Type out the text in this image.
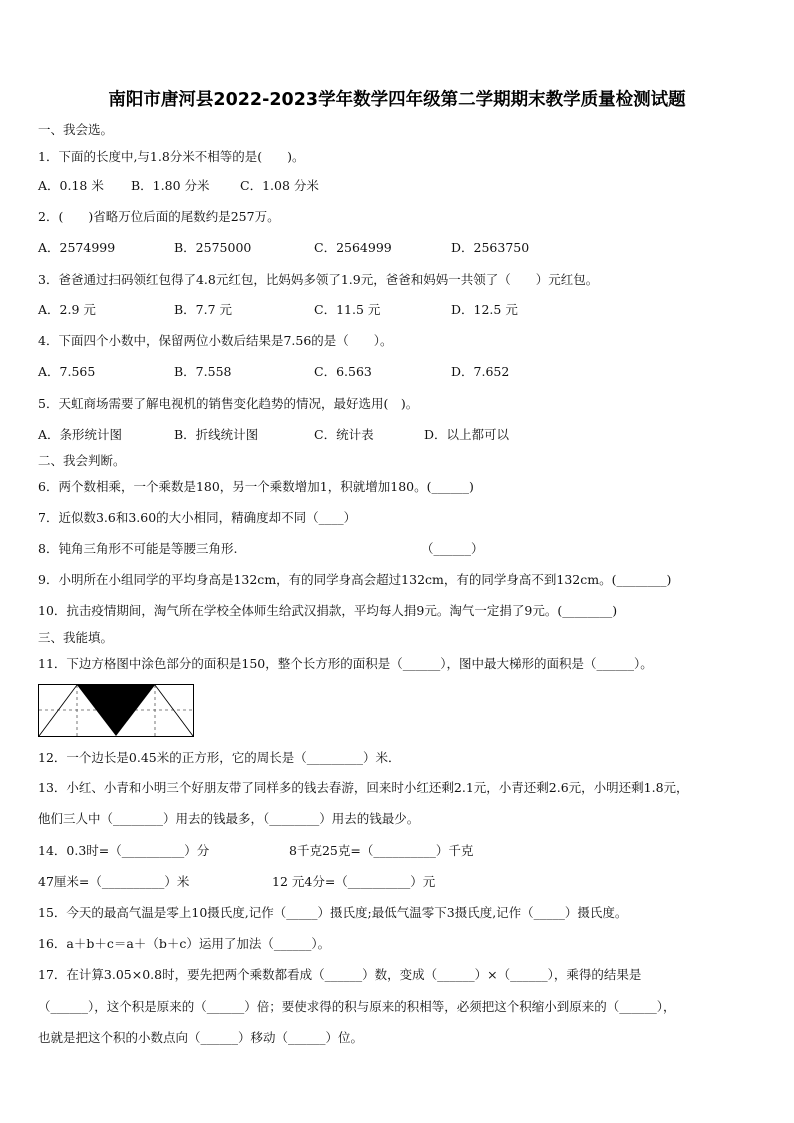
南阳市唐河县2022-2023学年数学四年级第二学期期末教学质量检测试题
一、我会选。
1．下面的长度中,与1.8分米不相等的是(　　)。
A．0.18 米 B．1.80 分米 C．1.08 分米
2．(　　)省略万位后面的尾数约是257万。
A．2574999	B．2575000	C．2564999	D．2563750
3．爸爸通过扫码领红包得了4.8元红包，比妈妈多领了1.9元，爸爸和妈妈一共领了（　　）元红包。
A．2.9 元	B．7.7 元	C．11.5 元	D．12.5 元
4．下面四个小数中，保留两位小数后结果是7.56的是（　　）。
A．7.565	B．7.558	C．6.563	D．7.652
5．天虹商场需要了解电视机的销售变化趋势的情况，最好选用(　)。
A．条形统计图	B．折线统计图	C．统计表	D．以上都可以
二、我会判断。
6．两个数相乘，一个乘数是180，另一个乘数增加1，积就增加180。(______)
7．近似数3.6和3.60的大小相同，精确度却不同（____）
8．钝角三角形不可能是等腰三角形.	（______）
9．小明所在小组同学的平均身高是132cm，有的同学身高会超过132cm，有的同学身高不到132cm。(________)
10．抗击疫情期间，淘气所在学校全体师生给武汉捐款，平均每人捐9元。淘气一定捐了9元。(________)
三、我能填。
11．下边方格图中涂色部分的面积是150，整个长方形的面积是（______），图中最大梯形的面积是（______）。
12．一个边长是0.45米的正方形，它的周长是（_________）米．
13．小红、小青和小明三个好朋友带了同样多的钱去春游，回来时小红还剩2.1元，小青还剩2.6元，小明还剩1.8元，
他们三人中（________）用去的钱最多，（________）用去的钱最少。
14．0.3时=（__________）分	8千克25克=（__________）千克
47厘米=（__________）米	12 元4分=（__________）元
15．今天的最高气温是零上10摄氏度,记作（_____）摄氏度;最低气温零下3摄氏度,记作（_____）摄氏度。
16．a＋b＋c＝a＋（b＋c）运用了加法（______）。
17．在计算3.05×0.8时，要先把两个乘数都看成（______）数，变成（______）×（______），乘得的结果是
（______），这个积是原来的（______）倍；要使求得的积与原来的积相等，必须把这个积缩小到原来的（______），
也就是把这个积的小数点向（______）移动（______）位。
